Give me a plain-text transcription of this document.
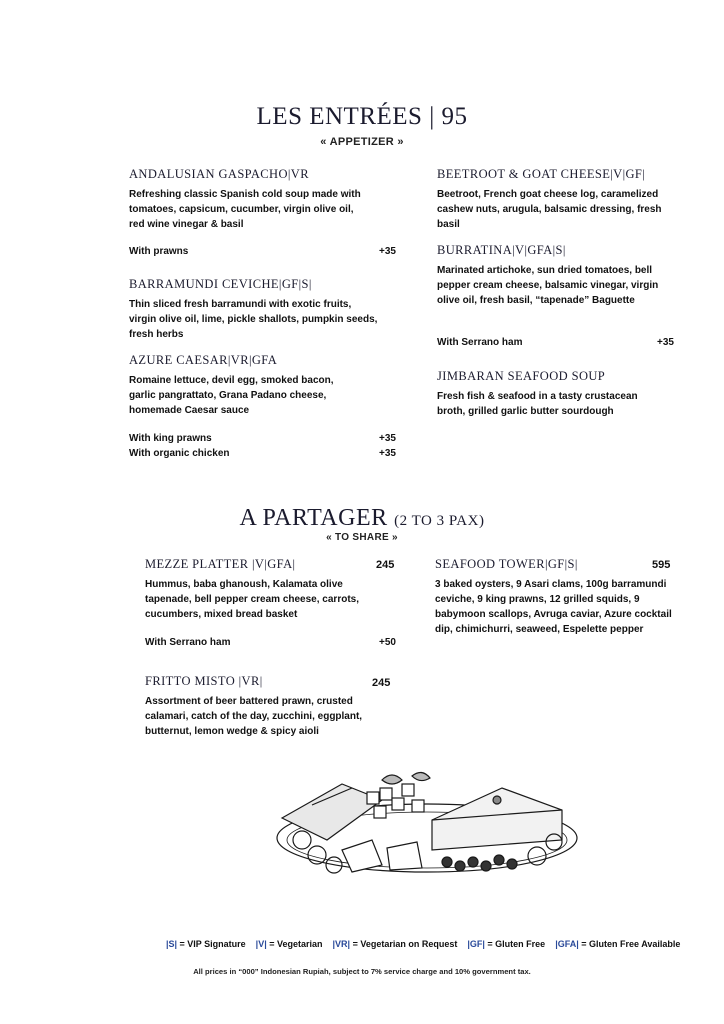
LES ENTRÉES | 95
« APPETIZER »
ANDALUSIAN GASPACHO|VR
Refreshing classic Spanish cold soup made with tomatoes, capsicum, cucumber, virgin olive oil, red wine vinegar & basil
With prawns	+35
BARRAMUNDI CEVICHE|GF|S|
Thin sliced fresh barramundi with exotic fruits, virgin olive oil, lime, pickle shallots, pumpkin seeds, fresh herbs
AZURE CAESAR|VR|GFA
Romaine lettuce, devil egg, smoked bacon, garlic pangrattato, Grana Padano cheese, homemade Caesar sauce
With king prawns	+35
With organic chicken	+35
BEETROOT & GOAT CHEESE|V|GF|
Beetroot, French goat cheese log, caramelized cashew nuts, arugula, balsamic dressing, fresh basil
BURRATINA|V|GFA|S|
Marinated artichoke, sun dried tomatoes, bell pepper cream cheese, balsamic vinegar, virgin olive oil, fresh basil, “tapenade” Baguette
With Serrano ham	+35
JIMBARAN SEAFOOD SOUP
Fresh fish & seafood in a tasty crustacean broth, grilled garlic butter sourdough
A PARTAGER (2 TO 3 PAX)
« TO SHARE »
MEZZE PLATTER |V|GFA|
Hummus, baba ghanoush, Kalamata olive tapenade, bell pepper cream cheese, carrots, cucumbers, mixed bread basket
245
With Serrano ham	+50
FRITTO MISTO |VR|
Assortment of beer battered prawn, crusted calamari, catch of the day, zucchini, eggplant, butternut, lemon wedge & spicy aioli
245
SEAFOOD TOWER|GF|S|
3 baked oysters, 9 Asari clams, 100g barramundi ceviche, 9 king prawns, 12 grilled squids, 9 babymoon scallops, Avruga caviar, Azure cocktail dip, chimichurri, seaweed, Espelette pepper
595
|S| = VIP Signature |V| = Vegetarian |VR| = Vegetarian on Request |GF| = Gluten Free |GFA| = Gluten Free Available
All prices in “000” Indonesian Rupiah, subject to 7% service charge and 10% government tax.
